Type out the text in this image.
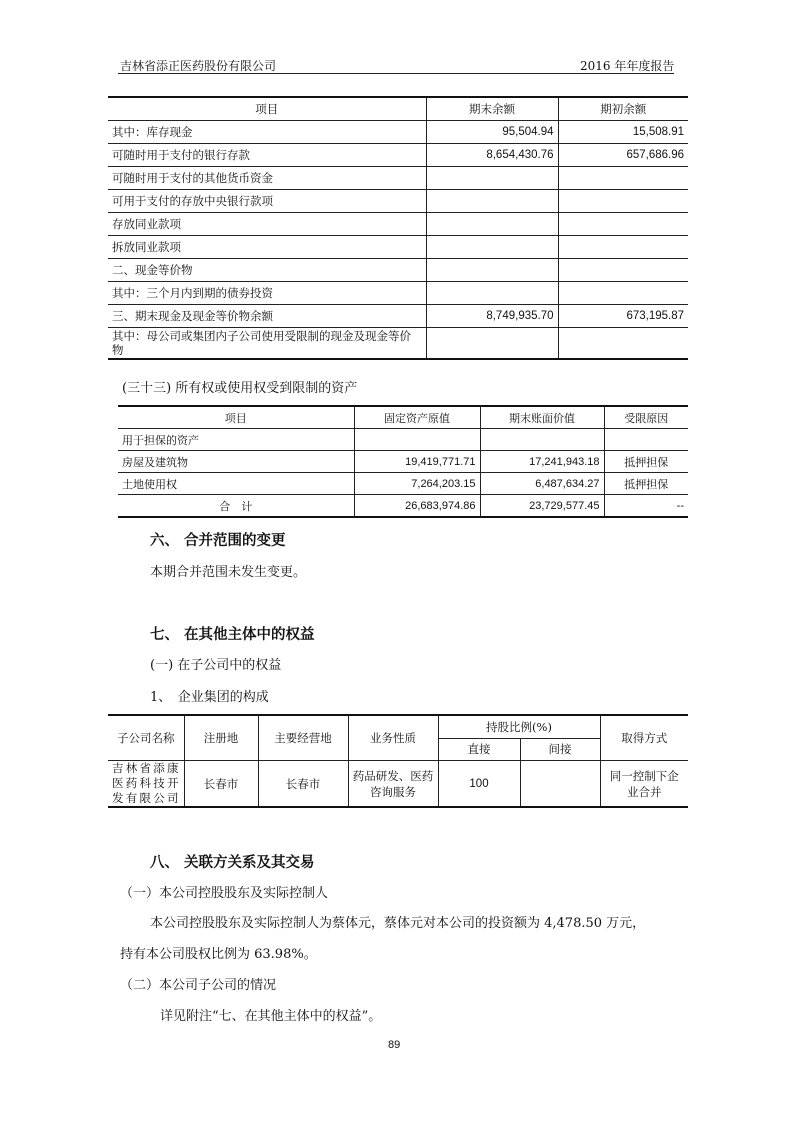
吉林省添正医药股份有限公司	2016 年年度报告
项目	期末余额	期初余额
其中：库存现金	95,504.94	15,508.91
可随时用于支付的银行存款	8,654,430.76	657,686.96
可随时用于支付的其他货币资金		
可用于支付的存放中央银行款项		
存放同业款项		
拆放同业款项		
二、现金等价物		
其中：三个月内到期的债券投资		
三、期末现金及现金等价物余额	8,749,935.70	673,195.87
其中：母公司或集团内子公司使用受限制的现金及现金等价物		
(三十三) 所有权或使用权受到限制的资产
项目	固定资产原值	期末账面价值	受限原因
用于担保的资产			
房屋及建筑物	19,419,771.71	17,241,943.18	抵押担保
土地使用权	7,264,203.15	6,487,634.27	抵押担保
合　计	26,683,974.86	23,729,577.45	--
六、 合并范围的变更
本期合并范围未发生变更。
七、 在其他主体中的权益
(一) 在子公司中的权益
1、　企业集团的构成
子公司名称	注册地	主要经营地	业务性质	持股比例(%)		取得方式
				直接	间接	
吉林省添康医药科技开发有限公司	长春市	长春市	药品研发、医药咨询服务	100		同一控制下企业合并
八、 关联方关系及其交易
（一）本公司控股股东及实际控制人
本公司控股股东及实际控制人为蔡体元，蔡体元对本公司的投资额为 4,478.50 万元，
持有本公司股权比例为 63.98%。
（二）本公司子公司的情况
详见附注“七、在其他主体中的权益”。
89
